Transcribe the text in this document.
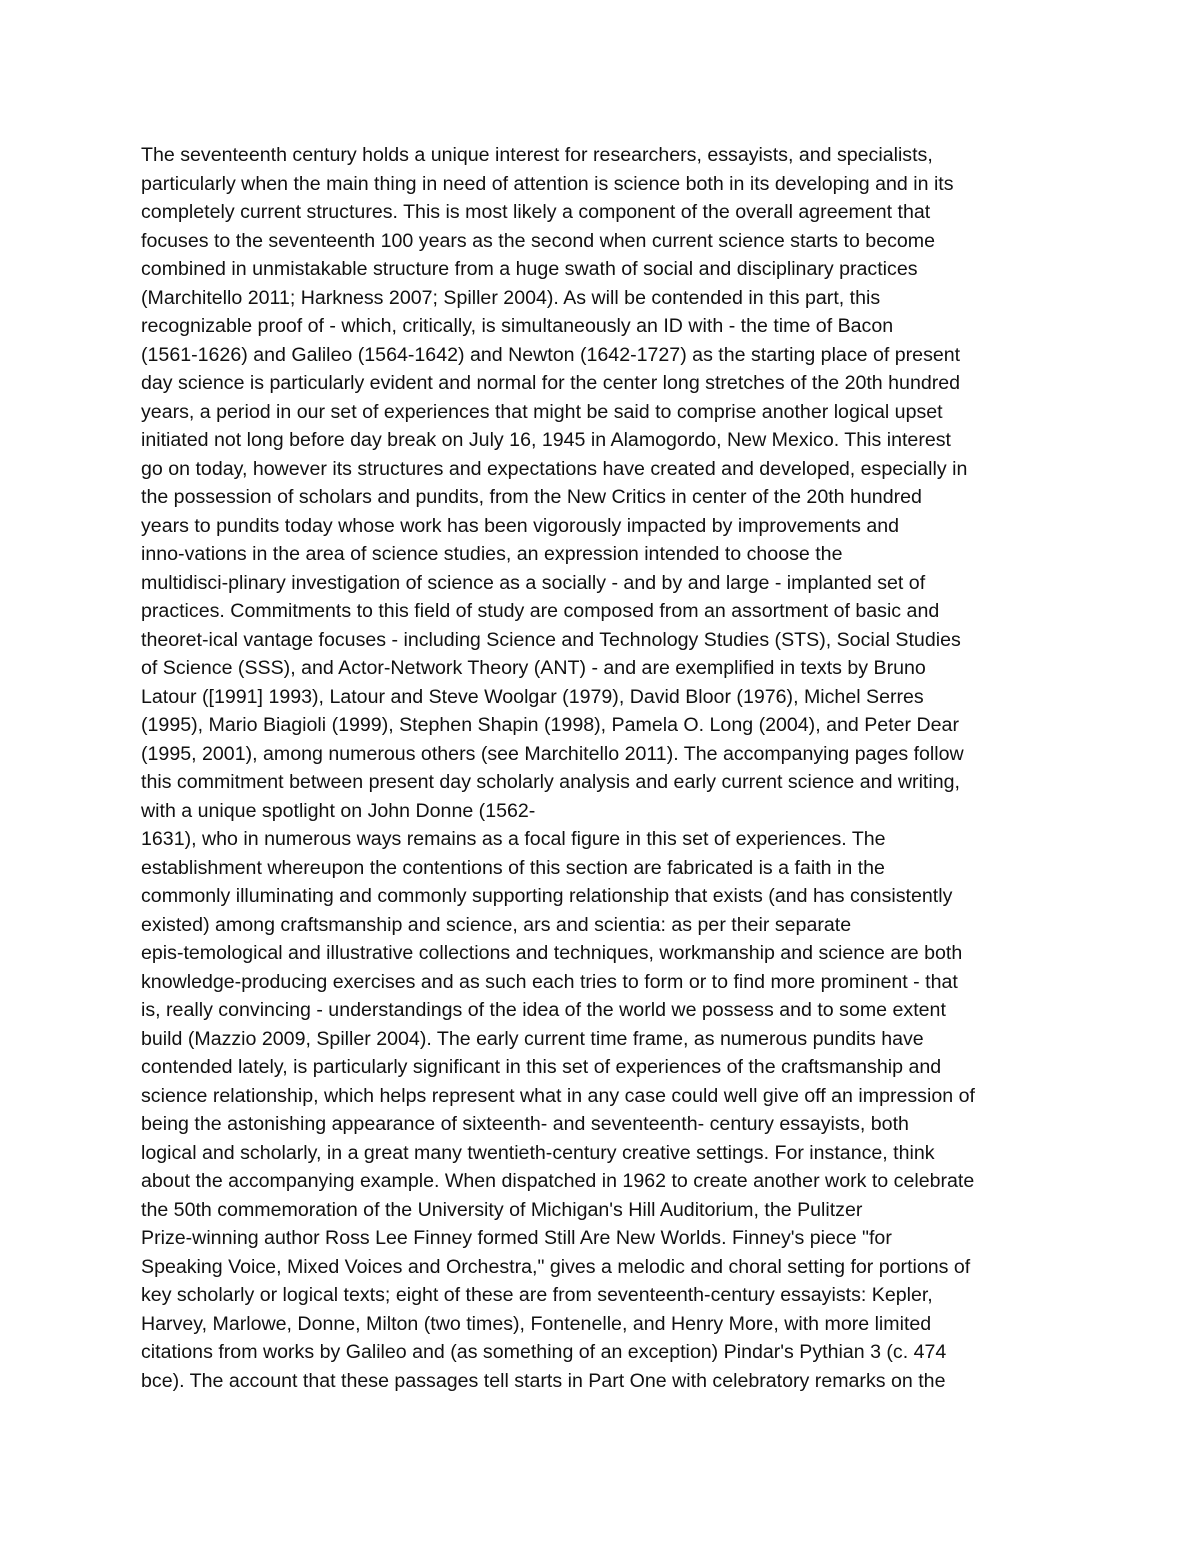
The seventeenth century holds a unique interest for researchers, essayists, and specialists,
particularly when the main thing in need of attention is science both in its developing and in its
completely current structures. This is most likely a component of the overall agreement that
focuses to the seventeenth 100 years as the second when current science starts to become
combined in unmistakable structure from a huge swath of social and disciplinary practices
(Marchitello 2011; Harkness 2007; Spiller 2004). As will be contended in this part, this
recognizable proof of - which, critically, is simultaneously an ID with - the time of Bacon
(1561-1626) and Galileo (1564-1642) and Newton (1642-1727) as the starting place of present
day science is particularly evident and normal for the center long stretches of the 20th hundred
years, a period in our set of experiences that might be said to comprise another logical upset
initiated not long before day break on July 16, 1945 in Alamogordo, New Mexico. This interest
go on today, however its structures and expectations have created and developed, especially in
the possession of scholars and pundits, from the New Critics in center of the 20th hundred
years to pundits today whose work has been vigorously impacted by improvements and
inno-vations in the area of science studies, an expression intended to choose the
multidisci-plinary investigation of science as a socially - and by and large - implanted set of
practices. Commitments to this field of study are composed from an assortment of basic and
theoret-ical vantage focuses - including Science and Technology Studies (STS), Social Studies
of Science (SSS), and Actor-Network Theory (ANT) - and are exemplified in texts by Bruno
Latour ([1991] 1993), Latour and Steve Woolgar (1979), David Bloor (1976), Michel Serres
(1995), Mario Biagioli (1999), Stephen Shapin (1998), Pamela O. Long (2004), and Peter Dear
(1995, 2001), among numerous others (see Marchitello 2011). The accompanying pages follow
this commitment between present day scholarly analysis and early current science and writing,
with a unique spotlight on John Donne (1562-
1631), who in numerous ways remains as a focal figure in this set of experiences. The
establishment whereupon the contentions of this section are fabricated is a faith in the
commonly illuminating and commonly supporting relationship that exists (and has consistently
existed) among craftsmanship and science, ars and scientia: as per their separate
epis-temological and illustrative collections and techniques, workmanship and science are both
knowledge-producing exercises and as such each tries to form or to find more prominent - that
is, really convincing - understandings of the idea of the world we possess and to some extent
build (Mazzio 2009, Spiller 2004). The early current time frame, as numerous pundits have
contended lately, is particularly significant in this set of experiences of the craftsmanship and
science relationship, which helps represent what in any case could well give off an impression of
being the astonishing appearance of sixteenth- and seventeenth- century essayists, both
logical and scholarly, in a great many twentieth-century creative settings. For instance, think
about the accompanying example. When dispatched in 1962 to create another work to celebrate
the 50th commemoration of the University of Michigan's Hill Auditorium, the Pulitzer
Prize-winning author Ross Lee Finney formed Still Are New Worlds. Finney's piece "for
Speaking Voice, Mixed Voices and Orchestra," gives a melodic and choral setting for portions of
key scholarly or logical texts; eight of these are from seventeenth-century essayists: Kepler,
Harvey, Marlowe, Donne, Milton (two times), Fontenelle, and Henry More, with more limited
citations from works by Galileo and (as something of an exception) Pindar's Pythian 3 (c. 474
bce). The account that these passages tell starts in Part One with celebratory remarks on the
